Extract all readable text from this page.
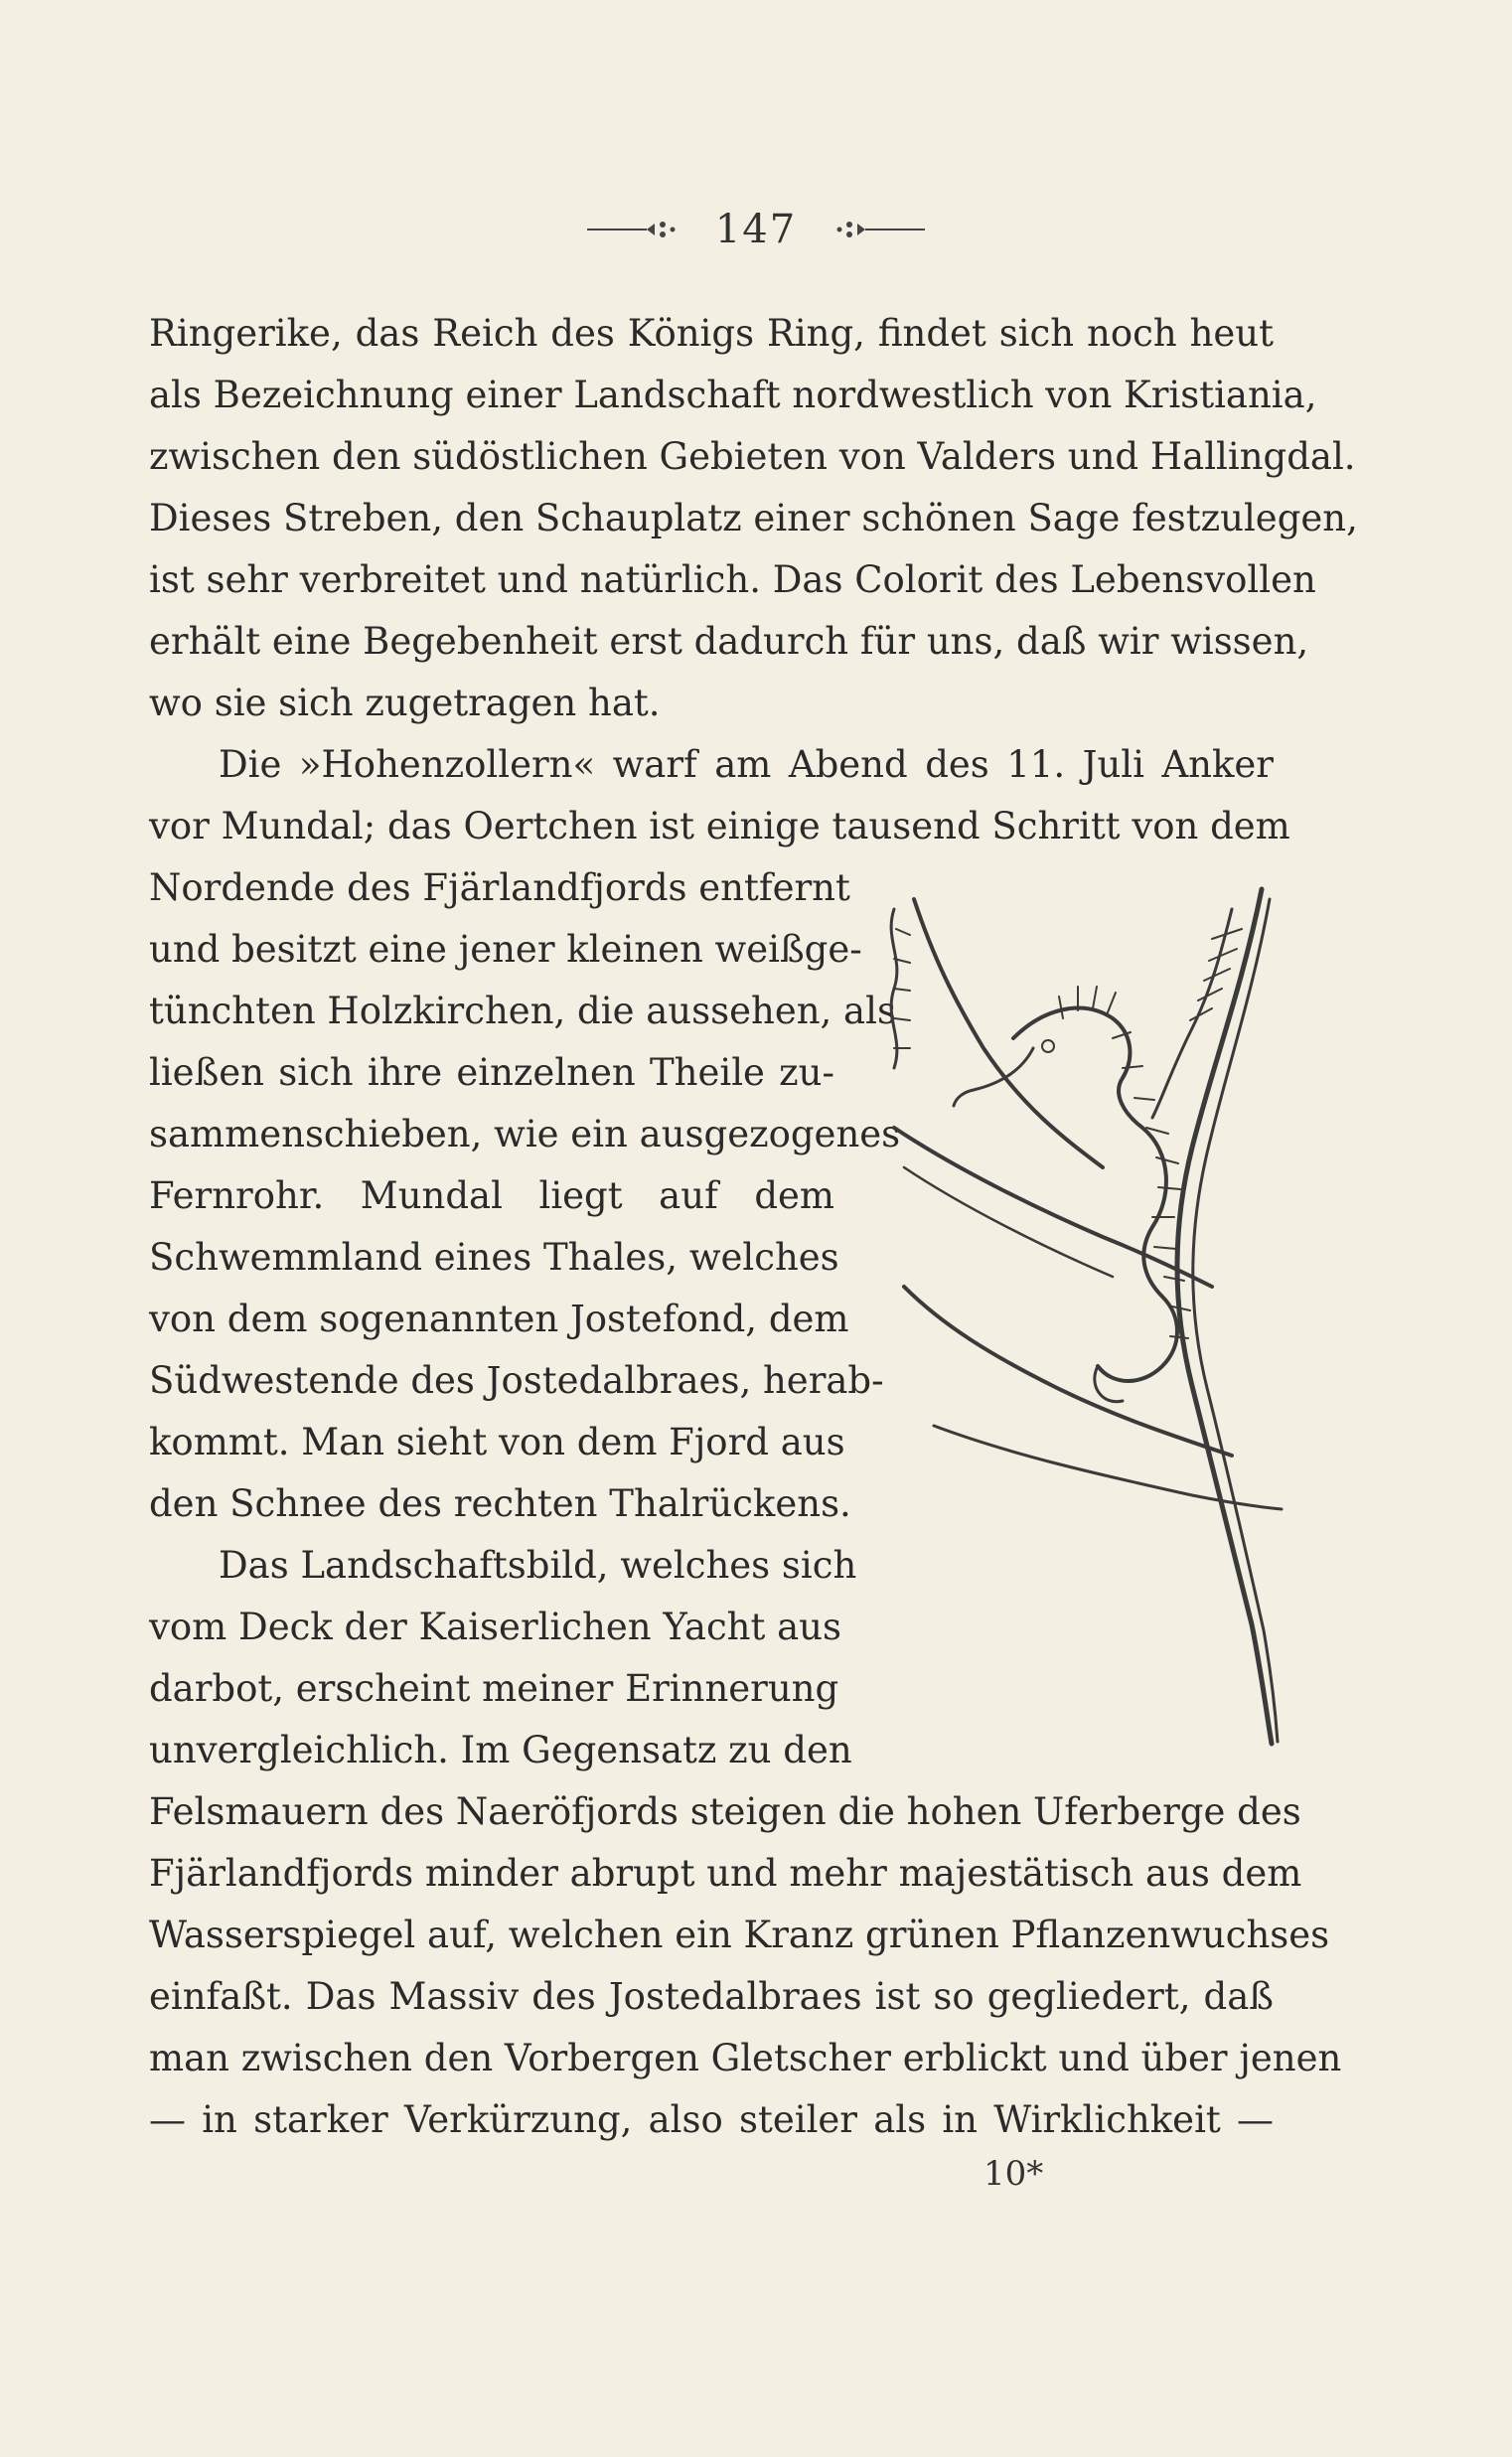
147
Ringerike, das Reich des Königs Ring, findet sich noch heut
als Bezeichnung einer Landschaft nordwestlich von Kristiania,
zwischen den südöstlichen Gebieten von Valders und Hallingdal.
Dieses Streben, den Schauplatz einer schönen Sage festzulegen,
ist sehr verbreitet und natürlich. Das Colorit des Lebensvollen
erhält eine Begebenheit erst dadurch für uns, daß wir wissen,
wo sie sich zugetragen hat.
Die »Hohenzollern« warf am Abend des 11. Juli Anker
vor Mundal; das Oertchen ist einige tausend Schritt von dem
Nordende des Fjärlandfjords entfernt
und besitzt eine jener kleinen weißge-
tünchten Holzkirchen, die aussehen, als
ließen sich ihre einzelnen Theile zu-
sammenschieben, wie ein ausgezogenes
Fernrohr. Mundal liegt auf dem
Schwemmland eines Thales, welches
von dem sogenannten Jostefond, dem
Südwestende des Jostedalbraes, herab-
kommt. Man sieht von dem Fjord aus
den Schnee des rechten Thalrückens.
Das Landschaftsbild, welches sich
vom Deck der Kaiserlichen Yacht aus
darbot, erscheint meiner Erinnerung
unvergleichlich. Im Gegensatz zu den
Felsmauern des Naeröfjords steigen die hohen Uferberge des
Fjärlandfjords minder abrupt und mehr majestätisch aus dem
Wasserspiegel auf, welchen ein Kranz grünen Pflanzenwuchses
einfaßt. Das Massiv des Jostedalbraes ist so gegliedert, daß
man zwischen den Vorbergen Gletscher erblickt und über jenen
— in starker Verkürzung, also steiler als in Wirklichkeit —
10*
